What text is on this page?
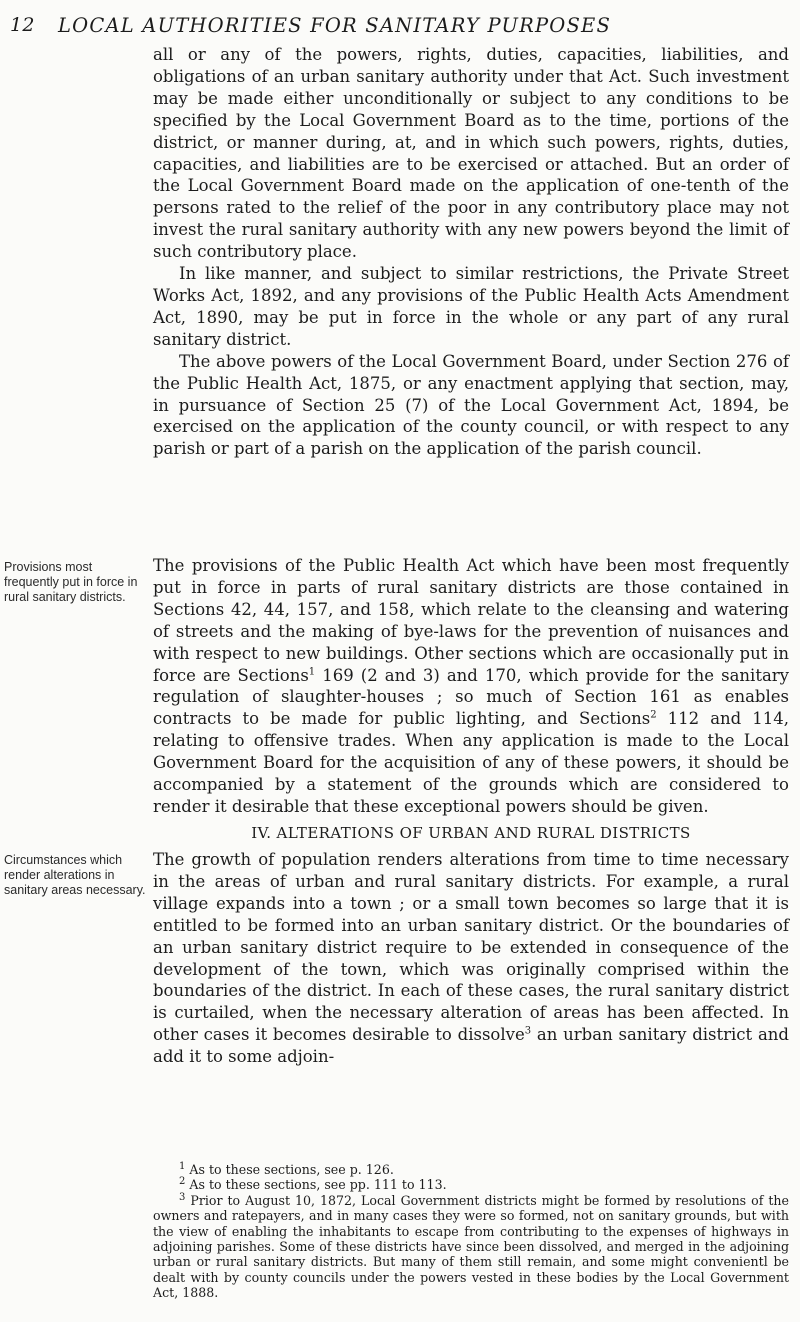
12 LOCAL AUTHORITIES FOR SANITARY PURPOSES

all or any of the powers, rights, duties, capacities, liabilities, and obligations of an urban sanitary authority under that Act. Such investment may be made either unconditionally or subject to any conditions to be specified by the Local Government Board as to the time, portions of the district, or manner during, at, and in which such powers, rights, duties, capacities, and liabilities are to be exercised or attached. But an order of the Local Government Board made on the application of one-tenth of the persons rated to the relief of the poor in any contributory place may not invest the rural sanitary authority with any new powers beyond the limit of such contributory place.

In like manner, and subject to similar restrictions, the Private Street Works Act, 1892, and any provisions of the Public Health Acts Amendment Act, 1890, may be put in force in the whole or any part of any rural sanitary district.

The above powers of the Local Government Board, under Section 276 of the Public Health Act, 1875, or any enactment applying that section, may, in pursuance of Section 25 (7) of the Local Government Act, 1894, be exercised on the application of the county council, or with respect to any parish or part of a parish on the application of the parish council.

Provisions most frequently put in force in rural sanitary districts.

The provisions of the Public Health Act which have been most frequently put in force in parts of rural sanitary districts are those contained in Sections 42, 44, 157, and 158, which relate to the cleansing and watering of streets and the making of bye-laws for the prevention of nuisances and with respect to new buildings. Other sections which are occasionally put in force are Sections$^1$ 169 (2 and 3) and 170, which provide for the sanitary regulation of slaughter-houses ; so much of Section 161 as enables contracts to be made for public lighting, and Sections$^2$ 112 and 114, relating to offensive trades. When any application is made to the Local Government Board for the acquisition of any of these powers, it should be accompanied by a statement of the grounds which are considered to render it desirable that these exceptional powers should be given.

IV. ALTERATIONS OF URBAN AND RURAL DISTRICTS
Circumstances which render alterations in sanitary areas necessary.

The growth of population renders alterations from time to time necessary in the areas of urban and rural sanitary districts. For example, a rural village expands into a town ; or a small town becomes so large that it is entitled to be formed into an urban sanitary district. Or the boundaries of an urban sanitary district require to be extended in consequence of the development of the town, which was originally comprised within the boundaries of the district. In each of these cases, the rural sanitary district is curtailed, when the necessary alteration of areas has been affected. In other cases it becomes desirable to dissolve$^3$ an urban sanitary district and add it to some adjoin-

$^1$ As to these sections, see p. 126.

$^2$ As to these sections, see pp. 111 to 113.

$^3$ Prior to August 10, 1872, Local Government districts might be formed by resolutions of the owners and ratepayers, and in many cases they were so formed, not on sanitary grounds, but with the view of enabling the inhabitants to escape from contributing to the expenses of highways in adjoining parishes. Some of these districts have since been dissolved, and merged in the adjoining urban or rural sanitary districts. But many of them still remain, and some might convenientl be dealt with by county councils under the powers vested in these bodies by the Local Government Act, 1888.
